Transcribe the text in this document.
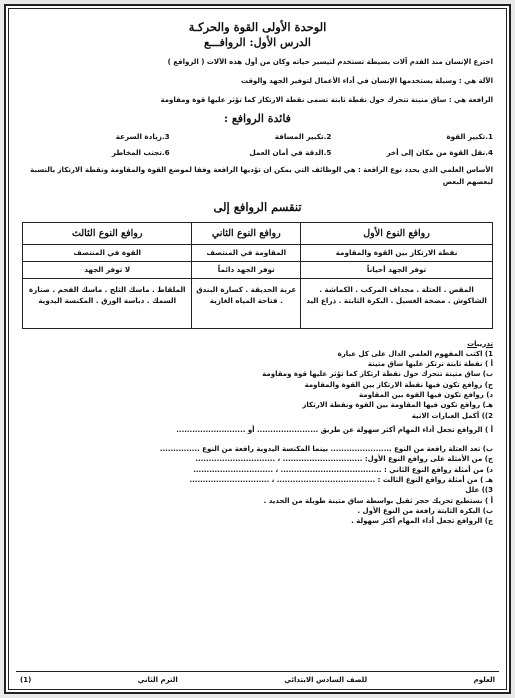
الوحدة الأولى القوة والحركـة
الدرس الأول: الروافـــع

اخترع الإنسان منذ القدم آلات بسيطة تستخدم لتيسير حياته وكان من أول هذه الآلات ( الروافع )

الآلة هي : وسيلة يستخدمها الإنسان في أداء الأعمال لتوفير الجهد والوقت

الرافعة هي : ساق متينة تتحرك حول نقطة ثابتة تسمى نقطة الارتكاز كما تؤثر عليها قوة ومقاومة

فائدة الروافع :
1.تكبير القوة
2.تكبير المسافة
3.زيادة السرعة
4.نقل القوة من مكان إلى أخر
5.الدقة في أمان العمل
6.تجنب المخاطر

الأساس العلمي الذي يحدد نوع الرافعة : هي الوظائف التي يمكن ان تؤديها الرافعة وفقا لموضع القوة والمقاومة ونقطة الارتكاز بالنسبة لبعضهم البعض

تنقسم الروافع إلى
روافع النوع الأول	روافع النوع الثاني	روافع النوع الثالث
نقطة الارتكاز بين القوة والمقاومة	المقاومة في المنتصف	القوة في المنتصف
توفر الجهد أحياناً	توفر الجهد دائماً	لا توفر الجهد
المقص . العتلة . مجداف المركب . الكماشة . الشاكوش . مضخة الغسيل . البكرة الثابتة . ذراع اليد	عربة الحديقة . كسارة البندق . فتاحة المياه الغازية	الملقاط . ماسك الثلج . ماسك الفحم . صنارة السمك . دباسة الورق . المكنسة اليدوية
تدريبات
1) اكتب المفهوم العلمي الدال على كل عبارة
أ ) نقطة ثابتة ترتكز عليها ساق متينة
ب) ساق متينة تتحرك حول نقطة ارتكاز كما تؤثر عليها قوة ومقاومة
ج) روافع تكون فيها نقطة الارتكاز بين القوة والمقاومة
د) روافع تكون فيها القوة بين المقاومة
هـ) روافع تكون فيها المقاومة بين القوة ونقطة الارتكاز
2)) أكمل العبارات الاتية
أ ) الروافع تجعل أداء المهام أكثر سهولة عن طريق ....................... أو ..........................
ب) تعد العتلة رافعة من النوع ....................... بينما المكنسة اليدوية رافعة من النوع ...............
ج) من الأمثلة على روافع النوع الأول: .............................. ، ..............................
د) من أمثلة روافع النوع الثاني : ...................................... ، ..............................
هـ ) من أمثلة روافع النوع الثالث : ..................................... ، ..............................
3)) علل
أ ) نستطيع تحريك حجر ثقيل بواسطة ساق متينة طويلة من الحديد .
ب) البكرة الثابتة رافعة من النوع الأول .
ج) الروافع تجعل أداء المهام أكثر سهولة .
العلوم
للصف السادس الابتدائي
الترم الثاني
(1)
